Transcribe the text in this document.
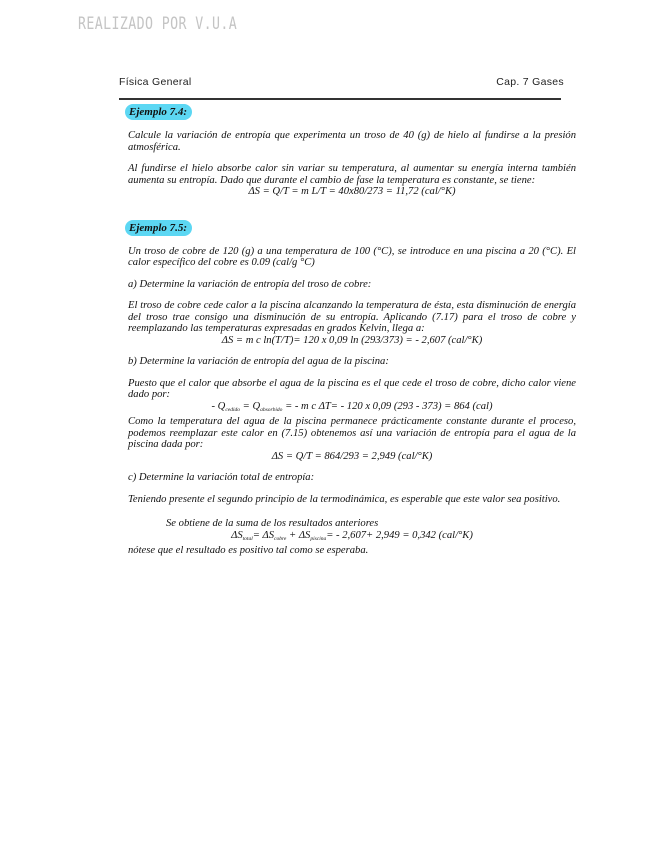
REALIZADO POR V.U.A
Física General	Cap. 7 Gases
Ejemplo 7.4:

Calcule la variación de entropía que experimenta un troso de 40 (g) de hielo al fundirse a la presión atmosférica.

Al fundirse el hielo absorbe calor sin variar su temperatura, al aumentar su energía interna también aumenta su entropía. Dado que durante el cambio de fase la temperatura es constante, se tiene:

ΔS = Q/T = m L/T = 40x80/273 = 11,72 (cal/°K)

Ejemplo 7.5:

Un troso de cobre de 120 (g) a una temperatura de 100 (°C), se introduce en una piscina a 20 (°C). El calor específico del cobre es 0.09 (cal/g °C)

a) Determine la variación de entropía del troso de cobre:

El troso de cobre cede calor a la piscina alcanzando la temperatura de ésta, esta disminución de energía del troso trae consigo una disminución de su entropía. Aplicando (7.17) para el troso de cobre y reemplazando las temperaturas expresadas en grados Kelvin, llega a:

ΔS = m c ln(T/T)= 120 x 0,09 ln (293/373) = - 2,607 (cal/°K)

b) Determine la variación de entropía del agua de la piscina:

Puesto que el calor que absorbe el agua de la piscina es el que cede el troso de cobre, dicho calor viene dado por:

- $Q_{cedido} = Q_{absorbido}$ = - m c ΔT= - 120 x 0,09 (293 - 373) = 864 (cal)

Como la temperatura del agua de la piscina permanece prácticamente constante durante el proceso, podemos reemplazar este calor en (7.15) obtenemos así una variación de entropía para el agua de la piscina dada por:

ΔS = Q/T = 864/293 = 2,949 (cal/°K)

c) Determine la variación total de entropía:

Teniendo presente el segundo principio de la termodinámica, es esperable que este valor sea positivo.

Se obtiene de la suma de los resultados anteriores

$\Delta S_{total}= \Delta S_{cobre} + \Delta S_{piscina}= - 2,607+ 2,949 = 0,342$ (cal/°K)

nótese que el resultado es positivo tal como se esperaba.
